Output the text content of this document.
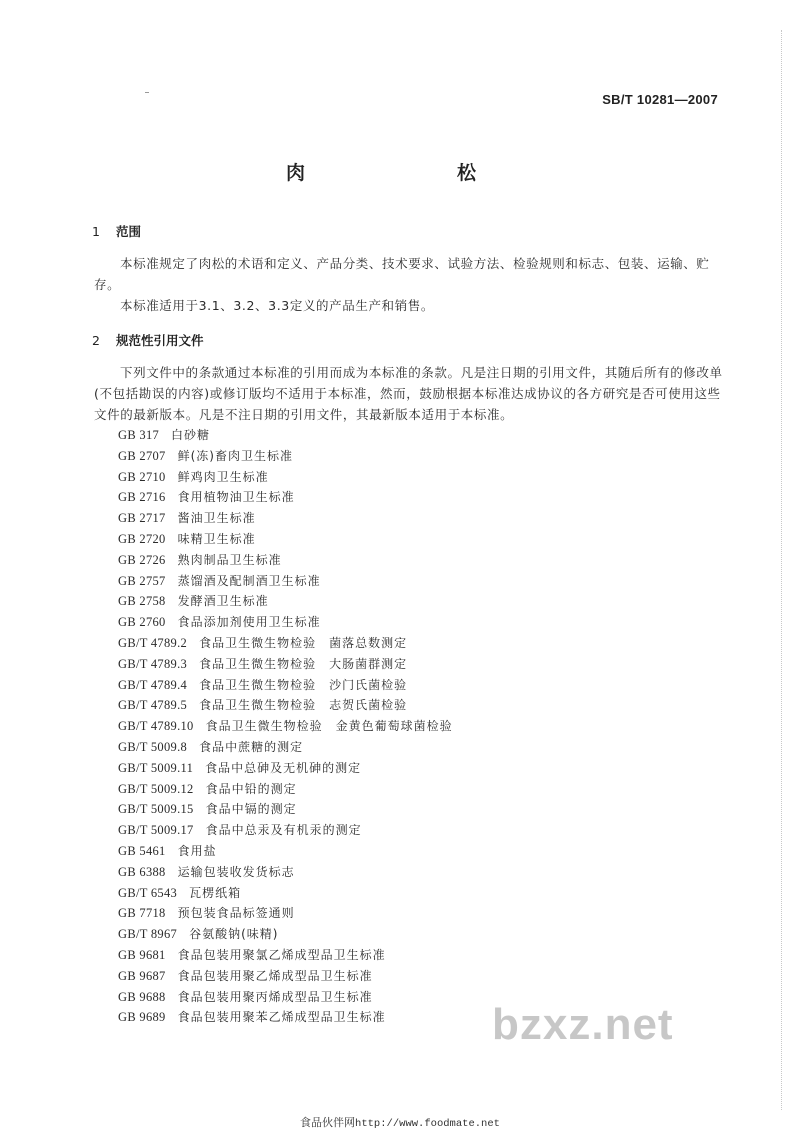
SB/T 10281—2007
肉　　松
1 范围
本标准规定了肉松的术语和定义、产品分类、技术要求、试验方法、检验规则和标志、包装、运输、贮存。
本标准适用于3.1、3.2、3.3定义的产品生产和销售。
2 规范性引用文件
下列文件中的条款通过本标准的引用而成为本标准的条款。凡是注日期的引用文件，其随后所有的修改单(不包括勘误的内容)或修订版均不适用于本标准，然而，鼓励根据本标准达成协议的各方研究是否可使用这些文件的最新版本。凡是不注日期的引用文件，其最新版本适用于本标准。
GB 317 白砂糖
GB 2707 鲜(冻)畜肉卫生标准
GB 2710 鲜鸡肉卫生标准
GB 2716 食用植物油卫生标准
GB 2717 酱油卫生标准
GB 2720 味精卫生标准
GB 2726 熟肉制品卫生标准
GB 2757 蒸馏酒及配制酒卫生标准
GB 2758 发酵酒卫生标准
GB 2760 食品添加剂使用卫生标准
GB/T 4789.2 食品卫生微生物检验　菌落总数测定
GB/T 4789.3 食品卫生微生物检验　大肠菌群测定
GB/T 4789.4 食品卫生微生物检验　沙门氏菌检验
GB/T 4789.5 食品卫生微生物检验　志贺氏菌检验
GB/T 4789.10 食品卫生微生物检验　金黄色葡萄球菌检验
GB/T 5009.8 食品中蔗糖的测定
GB/T 5009.11 食品中总砷及无机砷的测定
GB/T 5009.12 食品中铅的测定
GB/T 5009.15 食品中镉的测定
GB/T 5009.17 食品中总汞及有机汞的测定
GB 5461 食用盐
GB 6388 运输包装收发货标志
GB/T 6543 瓦楞纸箱
GB 7718 预包装食品标签通则
GB/T 8967 谷氨酸钠(味精)
GB 9681 食品包装用聚氯乙烯成型品卫生标准
GB 9687 食品包装用聚乙烯成型品卫生标准
GB 9688 食品包装用聚丙烯成型品卫生标准
GB 9689 食品包装用聚苯乙烯成型品卫生标准	bzxz.net
食品伙伴网http://www.foodmate.net
